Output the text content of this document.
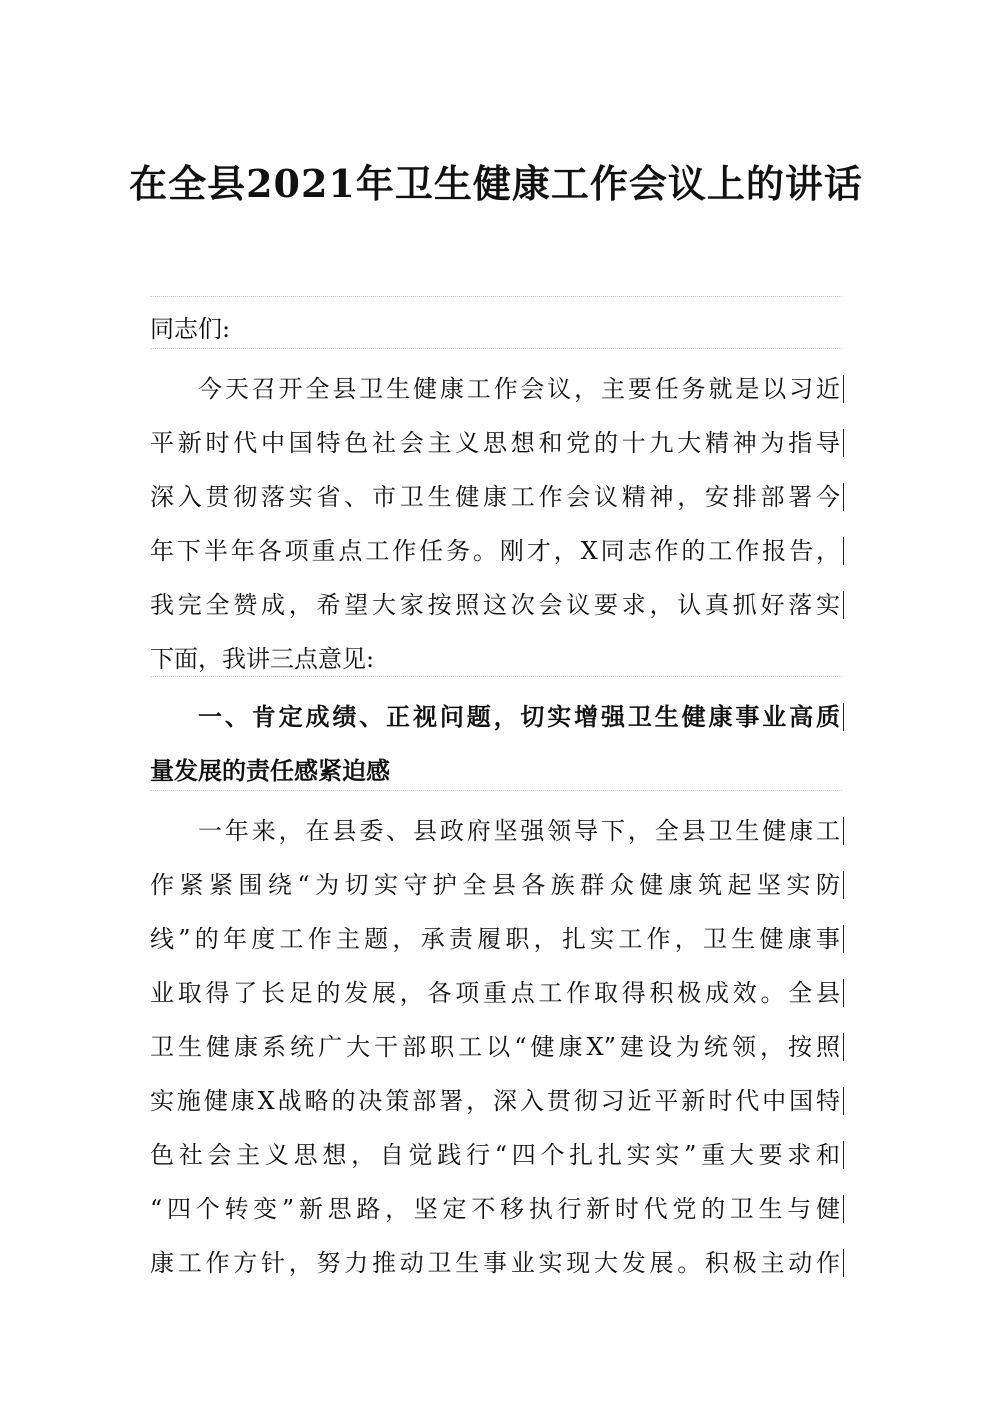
在全县2021年卫生健康工作会议上的讲话
同志们:
今天召开全县卫生健康工作会议，主要任务就是以习近
平新时代中国特色社会主义思想和党的十九大精神为指导
深入贯彻落实省、市卫生健康工作会议精神，安排部署今
年下半年各项重点工作任务。刚才，X同志作的工作报告，
我完全赞成，希望大家按照这次会议要求，认真抓好落实
下面，我讲三点意见:
一、肯定成绩、正视问题，切实增强卫生健康事业高质
量发展的责任感紧迫感
一年来，在县委、县政府坚强领导下，全县卫生健康工
作紧紧围绕“为切实守护全县各族群众健康筑起坚实防
线”的年度工作主题，承责履职，扎实工作，卫生健康事
业取得了长足的发展，各项重点工作取得积极成效。全县
卫生健康系统广大干部职工以“健康X”建设为统领，按照
实施健康X战略的决策部署，深入贯彻习近平新时代中国特
色社会主义思想，自觉践行“四个扎扎实实”重大要求和
“四个转变”新思路，坚定不移执行新时代党的卫生与健
康工作方针，努力推动卫生事业实现大发展。积极主动作
